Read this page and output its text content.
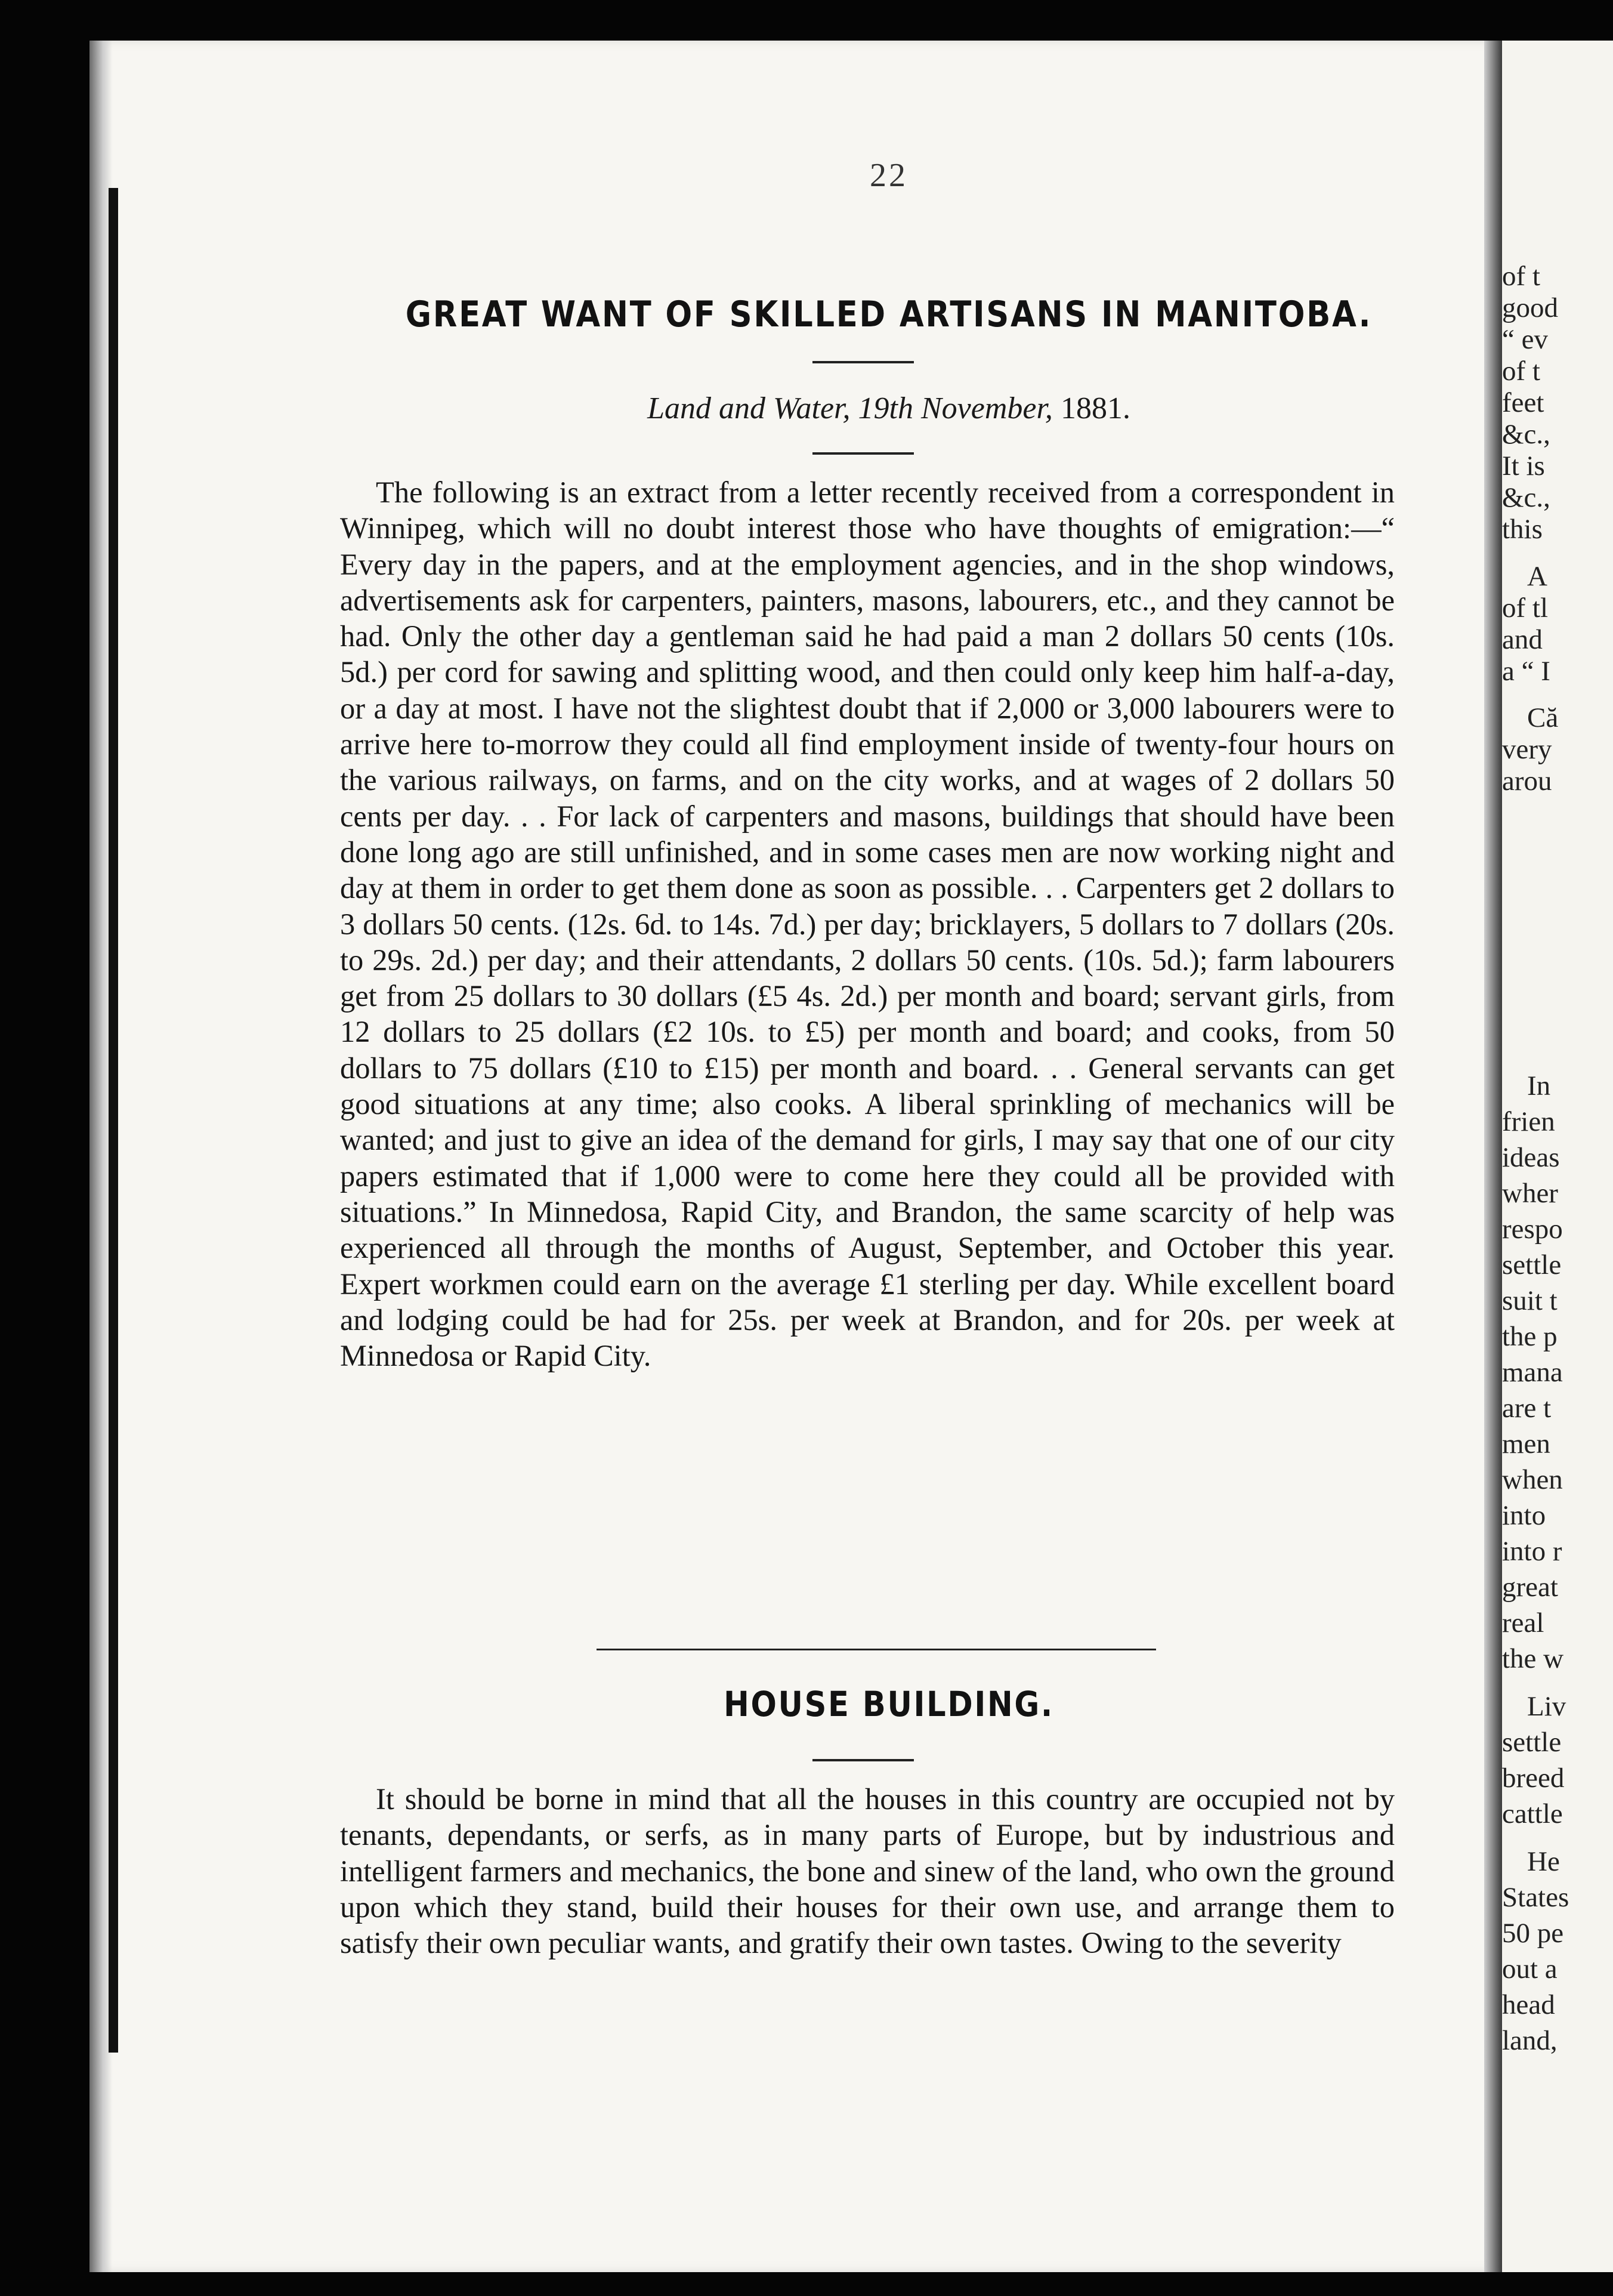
of t
good
“ ev
of t
feet
&c.,
It is
&c.,
this
A
of tl
and
a “ I
Că
very
arou
In
frien
ideas
wher
respo
settle
suit t
the p
mana
are t
men
when
into
into r
great
real
the w
Liv
settle
breed
cattle
He
States
50 pe
out a
head
land,
22
GREAT WANT OF SKILLED ARTISANS IN MANITOBA.

Land and Water, 19th November, 1881.

The following is an extract from a letter recently received from a correspondent in Winnipeg, which will no doubt interest those who have thoughts of emigration:—“ Every day in the papers, and at the employment agencies, and in the shop windows, advertisements ask for carpenters, painters, masons, labourers, etc., and they cannot be had. Only the other day a gentleman said he had paid a man 2 dollars 50 cents (10s. 5d.) per cord for sawing and splitting wood, and then could only keep him half-a-day, or a day at most. I have not the slightest doubt that if 2,000 or 3,000 labourers were to arrive here to-morrow they could all find employment inside of twenty-four hours on the various railways, on farms, and on the city works, and at wages of 2 dollars 50 cents per day. . . For lack of carpenters and masons, buildings that should have been done long ago are still unfinished, and in some cases men are now working night and day at them in order to get them done as soon as possible. . . Carpenters get 2 dollars to 3 dollars 50 cents. (12s. 6d. to 14s. 7d.) per day; bricklayers, 5 dollars to 7 dollars (20s. to 29s. 2d.) per day; and their attendants, 2 dollars 50 cents. (10s. 5d.); farm labourers get from 25 dollars to 30 dollars (£5 4s. 2d.) per month and board; servant girls, from 12 dollars to 25 dollars (£2 10s. to £5) per month and board; and cooks, from 50 dollars to 75 dollars (£10 to £15) per month and board. . . General servants can get good situations at any time; also cooks. A liberal sprinkling of mechanics will be wanted; and just to give an idea of the demand for girls, I may say that one of our city papers estimated that if 1,000 were to come here they could all be provided with situations.” In Minnedosa, Rapid City, and Brandon, the same scarcity of help was experienced all through the months of August, September, and October this year. Expert workmen could earn on the average £1 sterling per day. While excellent board and lodging could be had for 25s. per week at Brandon, and for 20s. per week at Minnedosa or Rapid City.

HOUSE BUILDING.

It should be borne in mind that all the houses in this country are occupied not by tenants, dependants, or serfs, as in many parts of Europe, but by industrious and intelligent farmers and mechanics, the bone and sinew of the land, who own the ground upon which they stand, build their houses for their own use, and arrange them to satisfy their own peculiar wants, and gratify their own tastes. Owing to the severity
